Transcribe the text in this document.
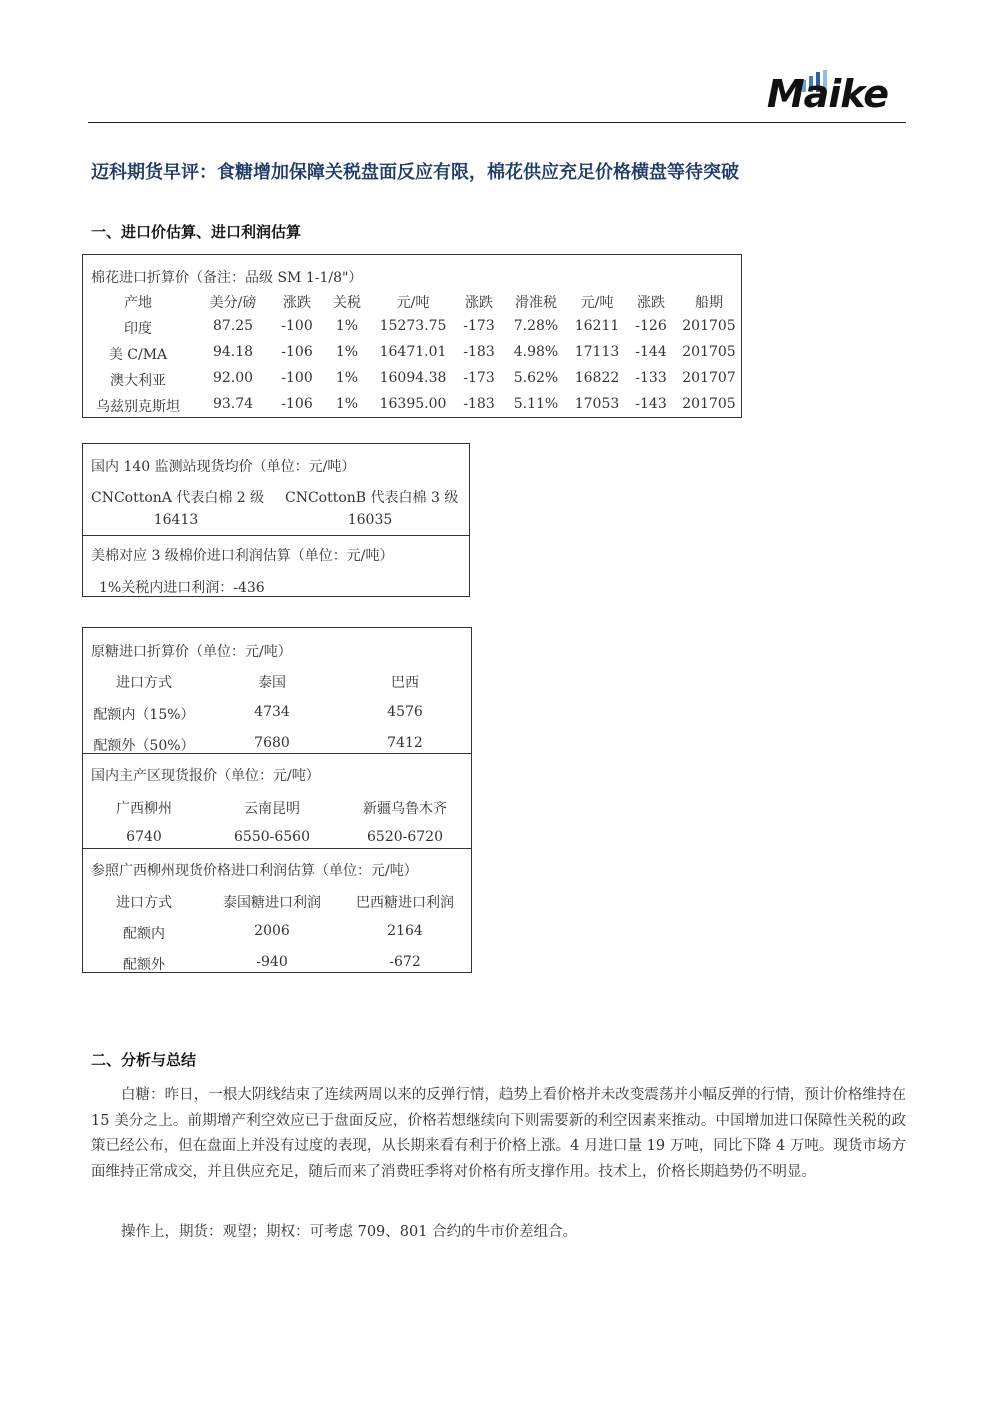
Maike
迈科期货早评：食糖增加保障关税盘面反应有限，棉花供应充足价格横盘等待突破
一、进口价估算、进口利润估算
棉花进口折算价（备注：品级 SM 1-1/8"）
产地	美分/磅 涨跌 关税	元/吨	涨跌 滑准税 元/吨 涨跌 船期
印度	87.25 -100 1% 15273.75 -173 7.28% 16211 -126 201705
美 C/MA	94.18 -106 1% 16471.01 -183 4.98% 17113 -144 201705
澳大利亚	92.00 -100 1% 16094.38 -173 5.62% 16822 -133 201707
乌兹别克斯坦 93.74 -106 1% 16395.00 -183 5.11% 17053 -143 201705
国内 140 监测站现货均价（单位：元/吨）
CNCottonA 代表白棉 2 级 CNCottonB 代表白棉 3 级
16413	16035
美棉对应 3 级棉价进口利润估算（单位：元/吨）
1%关税内进口利润：-436
原糖进口折算价（单位：元/吨）
国内主产区现货报价（单位：元/吨）
参照广西柳州现货价格进口利润估算（单位：元/吨）
进口方式	泰国	巴西
配额内（15%）	4734	4576
配额外（50%）	7680	7412
广西柳州	云南昆明	新疆乌鲁木齐
6740	6550-6560	6520-6720
进口方式	泰国糖进口利润	巴西糖进口利润
配额内	2006	2164
配额外	-940	-672
二、分析与总结
白糖：昨日，一根大阴线结束了连续两周以来的反弹行情，趋势上看价格并未改变震荡并小幅反弹的行情，预计价格维持在 15 美分之上。前期增产利空效应已于盘面反应，价格若想继续向下则需要新的利空因素来推动。中国增加进口保障性关税的政策已经公布，但在盘面上并没有过度的表现，从长期来看有利于价格上涨。4 月进口量 19 万吨，同比下降 4 万吨。现货市场方面维持正常成交，并且供应充足，随后而来了消费旺季将对价格有所支撑作用。技术上，价格长期趋势仍不明显。
操作上，期货：观望；期权：可考虑 709、801 合约的牛市价差组合。
